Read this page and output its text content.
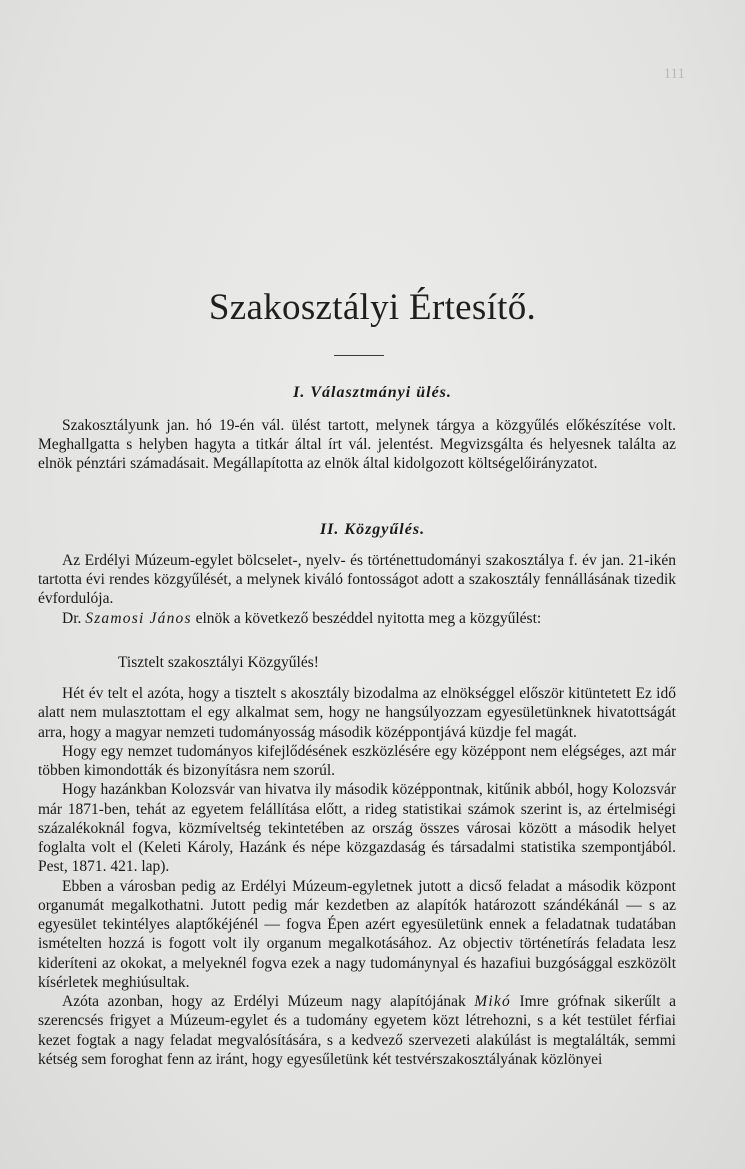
111
Szakosztályi Értesítő.
I. Választmányi ülés.

Szakosztályunk jan. hó 19-én vál. ülést tartott, melynek tárgya a közgyűlés előkészítése volt. Meghallgatta s helyben hagyta a titkár által írt vál. jelentést. Megvizsgálta és helyesnek találta az elnök pénztári számadásait. Megállapította az elnök által kidolgozott költségelőirányzatot.

II. Közgyűlés.

Az Erdélyi Múzeum-egylet bölcselet-, nyelv- és történettudományi szakosztálya f. év jan. 21-ikén tartotta évi rendes közgyűlését, a melynek kiváló fontosságot adott a szakosztály fennállásának tizedik évfordulója.

Dr. Szamosi János elnök a következő beszéddel nyitotta meg a közgyűlést:

Tisztelt szakosztályi Közgyűlés!

Hét év telt el azóta, hogy a tisztelt s akosztály bizodalma az elnökséggel először kitüntetett Ez idő alatt nem mulasztottam el egy alkalmat sem, hogy ne hangsúlyozzam egyesületünknek hivatottságát arra, hogy a magyar nemzeti tudományosság második középpontjává küzdje fel magát.

Hogy egy nemzet tudományos kifejlődésének eszközlésére egy középpont nem elégséges, azt már többen kimondották és bizonyításra nem szorúl.

Hogy hazánkban Kolozsvár van hivatva ily második középpontnak, kitűnik abból, hogy Kolozsvár már 1871-ben, tehát az egyetem felállítása előtt, a rideg statistikai számok szerint is, az értelmiségi százalékoknál fogva, közmíveltség tekintetében az ország összes városai között a második helyet foglalta volt el (Keleti Károly, Hazánk és népe közgazdaság és társadalmi statistika szempontjából. Pest, 1871. 421. lap).

Ebben a városban pedig az Erdélyi Múzeum-egyletnek jutott a dicső feladat a második központ organumát megalkothatni. Jutott pedig már kezdetben az alapítók határozott szándékánál — s az egyesület tekintélyes alaptőkéjénél — fogva Épen azért egyesületünk ennek a feladatnak tudatában ismételten hozzá is fogott volt ily organum megalkotásához. Az objectiv történetírás feladata lesz kideríteni az okokat, a melyeknél fogva ezek a nagy tudománynyal és hazafiui buzgósággal eszközölt kísérletek meghiúsultak.

Azóta azonban, hogy az Erdélyi Múzeum nagy alapítójának Mikó Imre grófnak sikerűlt a szerencsés frigyet a Múzeum-egylet és a tudomány egyetem közt létrehozni, s a két testület férfiai kezet fogtak a nagy feladat megvalósítására, s a kedvező szervezeti alakúlást is megtalálták, semmi kétség sem foroghat fenn az iránt, hogy egyesűletünk két testvérszakosztályának közlönyei
